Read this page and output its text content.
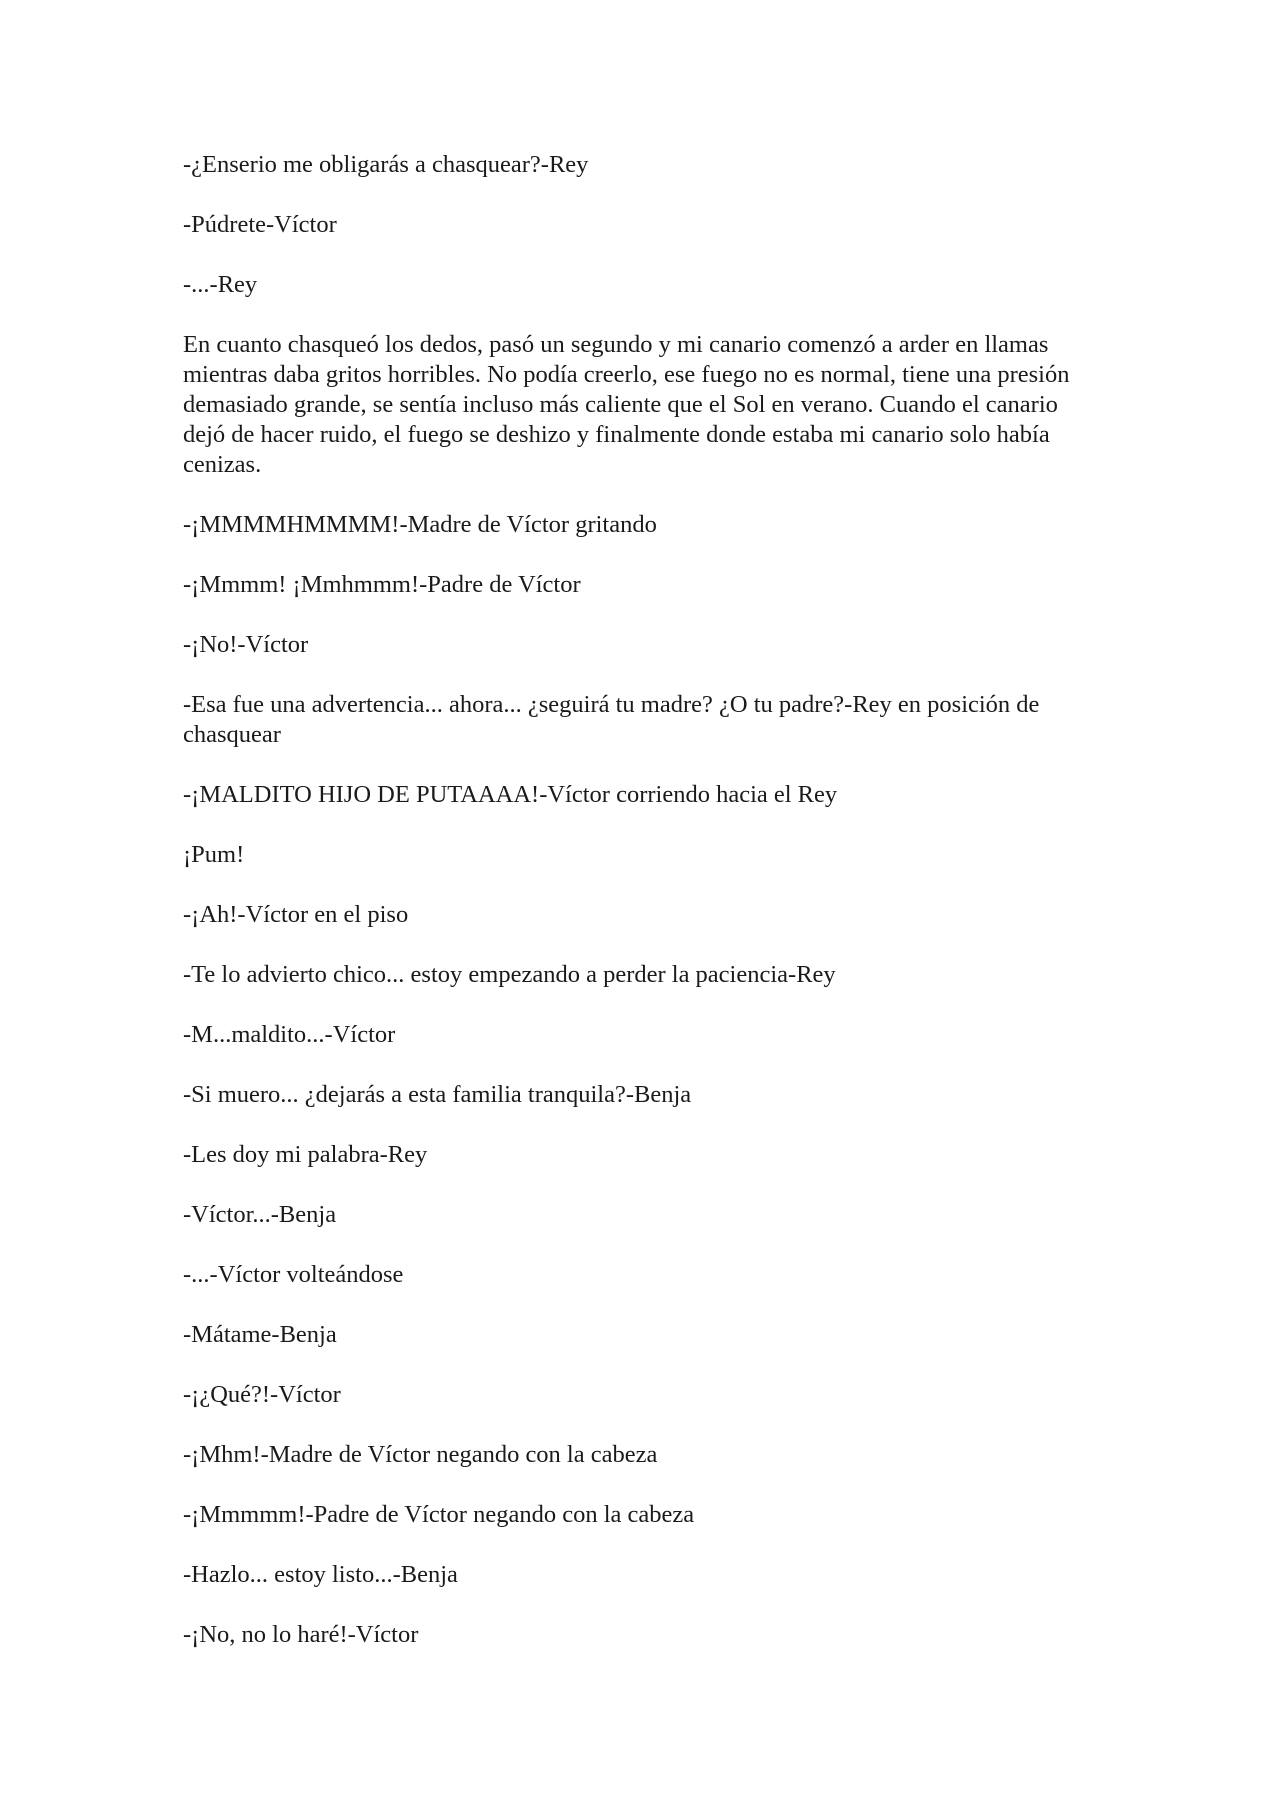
-¿Enserio me obligarás a chasquear?-Rey

-Púdrete-Víctor

-...-Rey

En cuanto chasqueó los dedos, pasó un segundo y mi canario comenzó a arder en llamas mientras daba gritos horribles. No podía creerlo, ese fuego no es normal, tiene una presión demasiado grande, se sentía incluso más caliente que el Sol en verano. Cuando el canario dejó de hacer ruido, el fuego se deshizo y finalmente donde estaba mi canario solo había cenizas.

-¡MMMMHMMMM!-Madre de Víctor gritando

-¡Mmmm! ¡Mmhmmm!-Padre de Víctor

-¡No!-Víctor

-Esa fue una advertencia... ahora... ¿seguirá tu madre? ¿O tu padre?-Rey en posición de chasquear

-¡MALDITO HIJO DE PUTAAAA!-Víctor corriendo hacia el Rey

¡Pum!

-¡Ah!-Víctor en el piso

-Te lo advierto chico... estoy empezando a perder la paciencia-Rey

-M...maldito...-Víctor

-Si muero... ¿dejarás a esta familia tranquila?-Benja

-Les doy mi palabra-Rey

-Víctor...-Benja

-...-Víctor volteándose

-Mátame-Benja

-¡¿Qué?!-Víctor

-¡Mhm!-Madre de Víctor negando con la cabeza

-¡Mmmmm!-Padre de Víctor negando con la cabeza

-Hazlo... estoy listo...-Benja

-¡No, no lo haré!-Víctor
